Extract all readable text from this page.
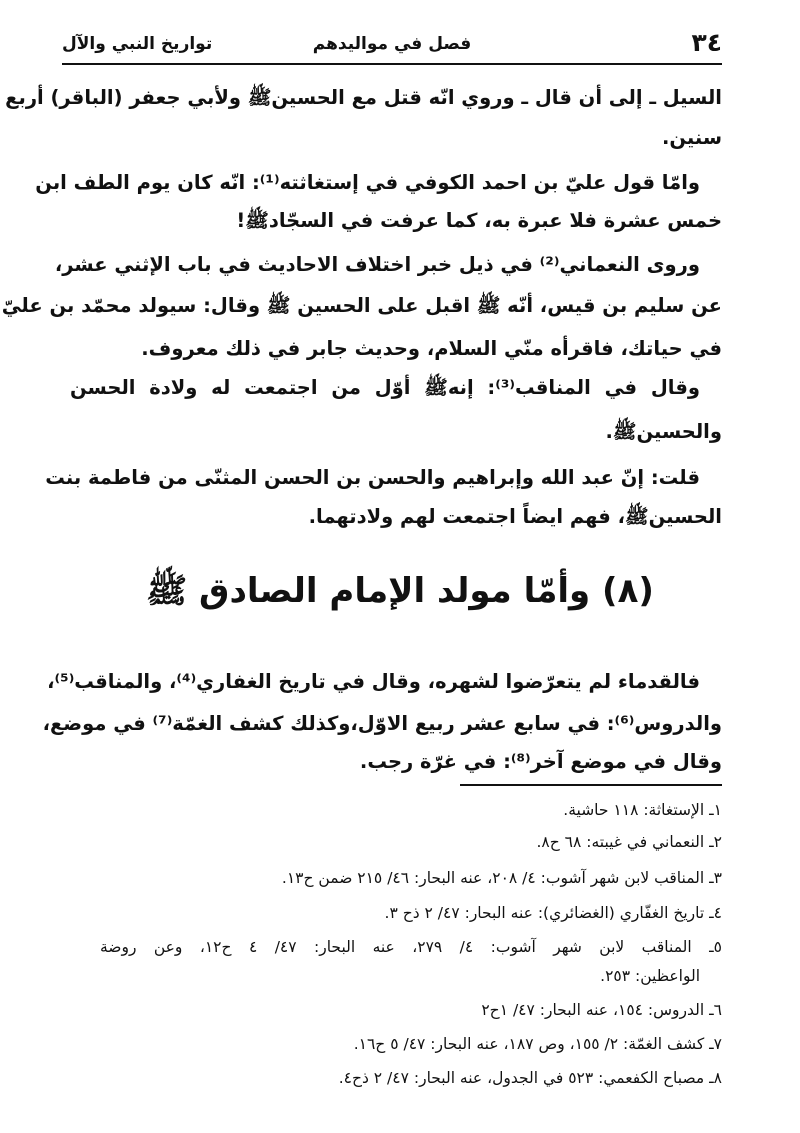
٣٤
فصل في مواليدهم
تواريخ النبي والآل
السيل ـ إلى أن قال ـ وروي انّه قتل مع الحسين‎ﷺ‎ ولأبي جعفر (الباقر) أربع
سنين.
وامّا قول عليّ بن احمد الكوفي في إستغاثته⁽¹⁾: انّه كان يوم الطف ابن
خمس عشرة فلا عبرة به، كما عرفت في السجّاد‎ﷺ‎!
وروى النعماني⁽²⁾ في ذيل خبر اختلاف الاحاديث في باب الإثني عشر،
عن سليم بن قيس، أنّه ‎ﷺ‎ اقبل على الحسين ‎ﷺ‎ وقال: سيولد محمّد بن عليّ
في حياتك، فاقرأه منّي السلام، وحديث جابر في ذلك معروف.
وقال في المناقب⁽³⁾: إنه‎ﷺ‎ أوّل من اجتمعت له ولادة الحسن
والحسين‎ﷺ‎.
قلت: إنّ عبد الله وإبراهيم والحسن بن الحسن المثنّى من فاطمة بنت
الحسين‎ﷺ‎، فهم ايضاً اجتمعت لهم ولادتهما.
(٨) وأمّا مولد الإمام الصادق ‎ﷺ‎
فالقدماء لم يتعرّضوا لشهره، وقال في تاريخ الغفاري⁽⁴⁾، والمناقب⁽⁵⁾،
والدروس⁽⁶⁾: في سابع عشر ربيع الاوّل،وكذلك كشف الغمّة⁽⁷⁾ في موضع،
وقال في موضع آخر⁽⁸⁾: في غرّة رجب.
١ـ الإستغاثة: ١١٨ حاشية.
٢ـ النعماني في غيبته: ٦٨ ح٨.
٣ـ المناقب لابن شهر آشوب: ٤/ ٢٠٨، عنه البحار: ٤٦/ ٢١٥ ضمن ح١٣.
٤ـ تاريخ الغفّاري (الغضائري): عنه البحار: ٤٧/ ٢ ذح ٣.
٥ـ المناقب لابن شهر آشوب: ٤/ ٢٧٩، عنه البحار: ٤٧/ ٤ ح١٢، وعن روضة
الواعظين: ٢٥٣.
٦ـ الدروس: ١٥٤، عنه البحار: ٤٧/ ١ح٢
٧ـ كشف الغمّة: ٢/ ١٥٥، وص ١٨٧، عنه البحار: ٤٧/ ٥ ح١٦.
٨ـ مصباح الكفعمي: ٥٢٣ في الجدول، عنه البحار: ٤٧/ ٢ ذح٤.
